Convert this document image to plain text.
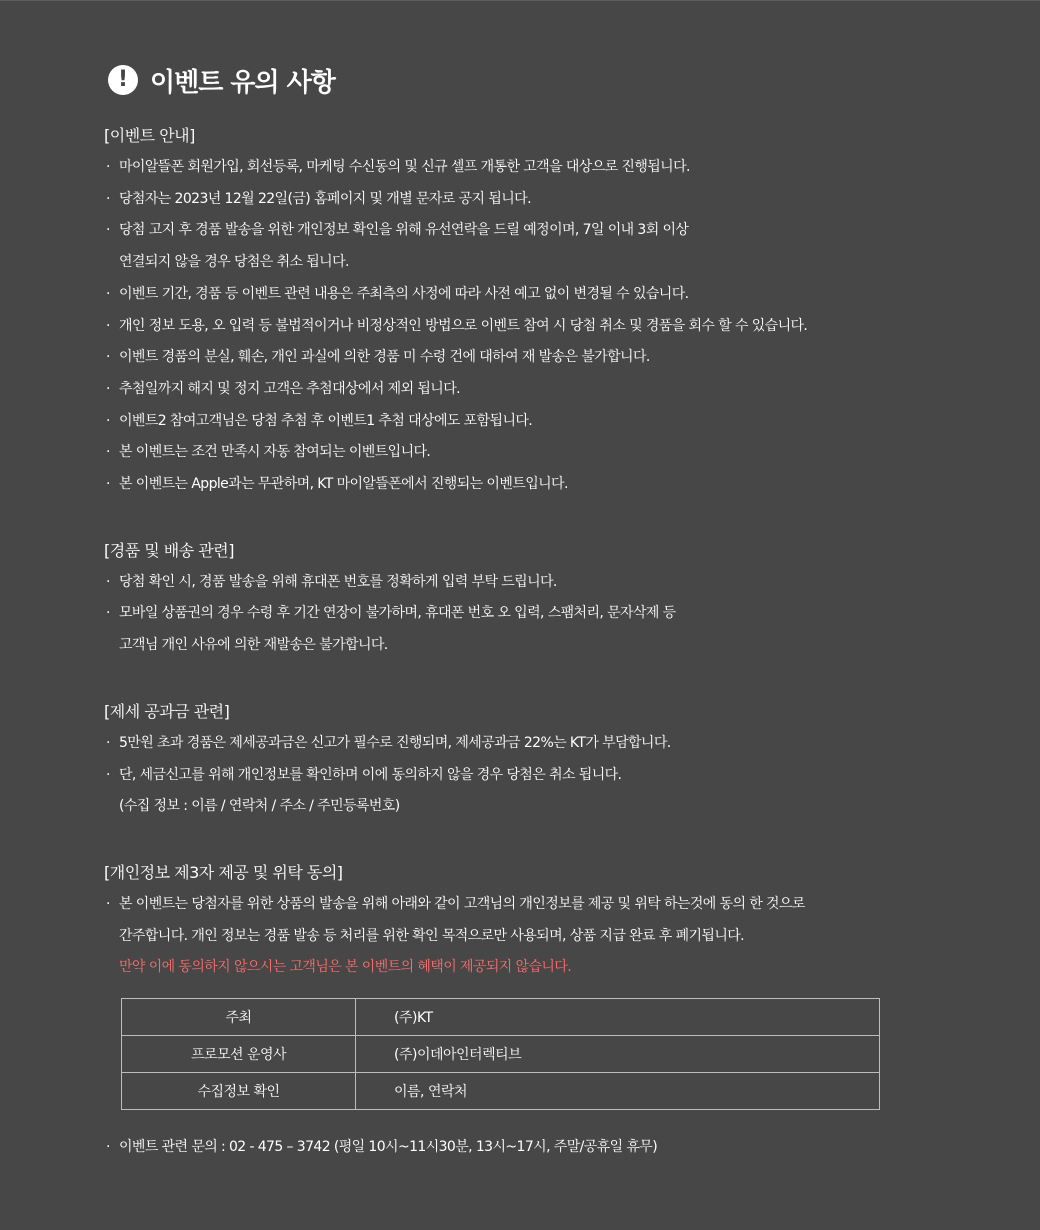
! 이벤트 유의 사항
[이벤트 안내]
· 마이알뜰폰 회원가입, 회선등록, 마케팅 수신동의 및 신규 셀프 개통한 고객을 대상으로 진행됩니다.
· 당첨자는 2023년 12월 22일(금) 홈페이지 및 개별 문자로 공지 됩니다.
· 당첨 고지 후 경품 발송을 위한 개인정보 확인을 위해 유선연락을 드릴 예정이며, 7일 이내 3회 이상
연결되지 않을 경우 당첨은 취소 됩니다.
· 이벤트 기간, 경품 등 이벤트 관련 내용은 주최측의 사정에 따라 사전 예고 없이 변경될 수 있습니다.
· 개인 정보 도용, 오 입력 등 불법적이거나 비정상적인 방법으로 이벤트 참여 시 당첨 취소 및 경품을 회수 할 수 있습니다.
· 이벤트 경품의 분실, 훼손, 개인 과실에 의한 경품 미 수령 건에 대하여 재 발송은 불가합니다.
· 추첨일까지 해지 및 정지 고객은 추첨대상에서 제외 됩니다.
· 이벤트2 참여고객님은 당첨 추첨 후 이벤트1 추첨 대상에도 포함됩니다.
· 본 이벤트는 조건 만족시 자동 참여되는 이벤트입니다.
· 본 이벤트는 Apple과는 무관하며, KT 마이알뜰폰에서 진행되는 이벤트입니다.
[경품 및 배송 관련]
· 당첨 확인 시, 경품 발송을 위해 휴대폰 번호를 정확하게 입력 부탁 드립니다.
· 모바일 상품권의 경우 수령 후 기간 연장이 불가하며, 휴대폰 번호 오 입력, 스팸처리, 문자삭제 등
고객님 개인 사유에 의한 재발송은 불가합니다.
[제세 공과금 관련]
· 5만원 초과 경품은 제세공과금은 신고가 필수로 진행되며, 제세공과금 22%는 KT가 부담합니다.
· 단, 세금신고를 위해 개인정보를 확인하며 이에 동의하지 않을 경우 당첨은 취소 됩니다.
(수집 정보 : 이름 / 연락처 / 주소 / 주민등록번호)
[개인정보 제3자 제공 및 위탁 동의]
· 본 이벤트는 당첨자를 위한 상품의 발송을 위해 아래와 같이 고객님의 개인정보를 제공 및 위탁 하는것에 동의 한 것으로
간주합니다. 개인 정보는 경품 발송 등 처리를 위한 확인 목적으로만 사용되며, 상품 지급 완료 후 폐기됩니다.
만약 이에 동의하지 않으시는 고객님은 본 이벤트의 혜택이 제공되지 않습니다.
주최	(주)KT
프로모션 운영사	(주)이데아인터렉티브
수집정보 확인	이름, 연락처
· 이벤트 관련 문의 : 02 - 475 – 3742 (평일 10시~11시30분, 13시~17시, 주말/공휴일 휴무)
